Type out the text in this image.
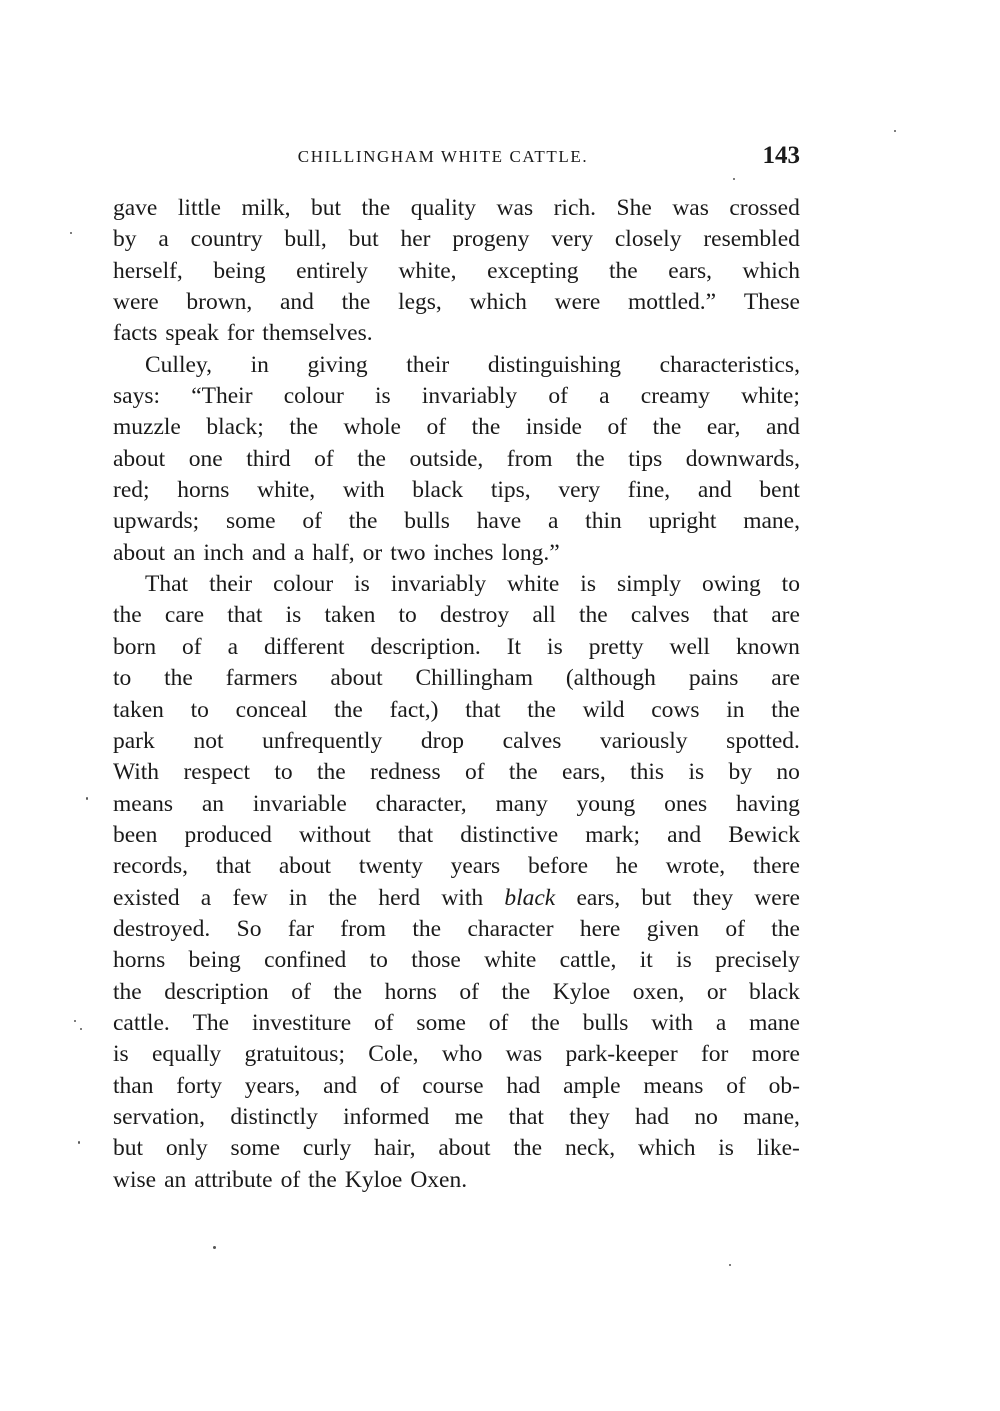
CHILLINGHAM WHITE CATTLE.	143
gave little milk, but the quality was rich. She was crossed
by a country bull, but her progeny very closely resembled
herself, being entirely white, excepting the ears, which
were brown, and the legs, which were mottled.” These
facts speak for themselves.
Culley, in giving their distinguishing characteristics,
says: “Their colour is invariably of a creamy white;
muzzle black; the whole of the inside of the ear, and
about one third of the outside, from the tips downwards,
red; horns white, with black tips, very fine, and bent
upwards; some of the bulls have a thin upright mane,
about an inch and a half, or two inches long.”
That their colour is invariably white is simply owing to
the care that is taken to destroy all the calves that are
born of a different description. It is pretty well known
to the farmers about Chillingham (although pains are
taken to conceal the fact,) that the wild cows in the
park not unfrequently drop calves variously spotted.
With respect to the redness of the ears, this is by no
means an invariable character, many young ones having
been produced without that distinctive mark; and Bewick
records, that about twenty years before he wrote, there
existed a few in the herd with black ears, but they were
destroyed. So far from the character here given of the
horns being confined to those white cattle, it is precisely
the description of the horns of the Kyloe oxen, or black
cattle. The investiture of some of the bulls with a mane
is equally gratuitous; Cole, who was park-keeper for more
than forty years, and of course had ample means of ob-
servation, distinctly informed me that they had no mane,
but only some curly hair, about the neck, which is like-
wise an attribute of the Kyloe Oxen.
